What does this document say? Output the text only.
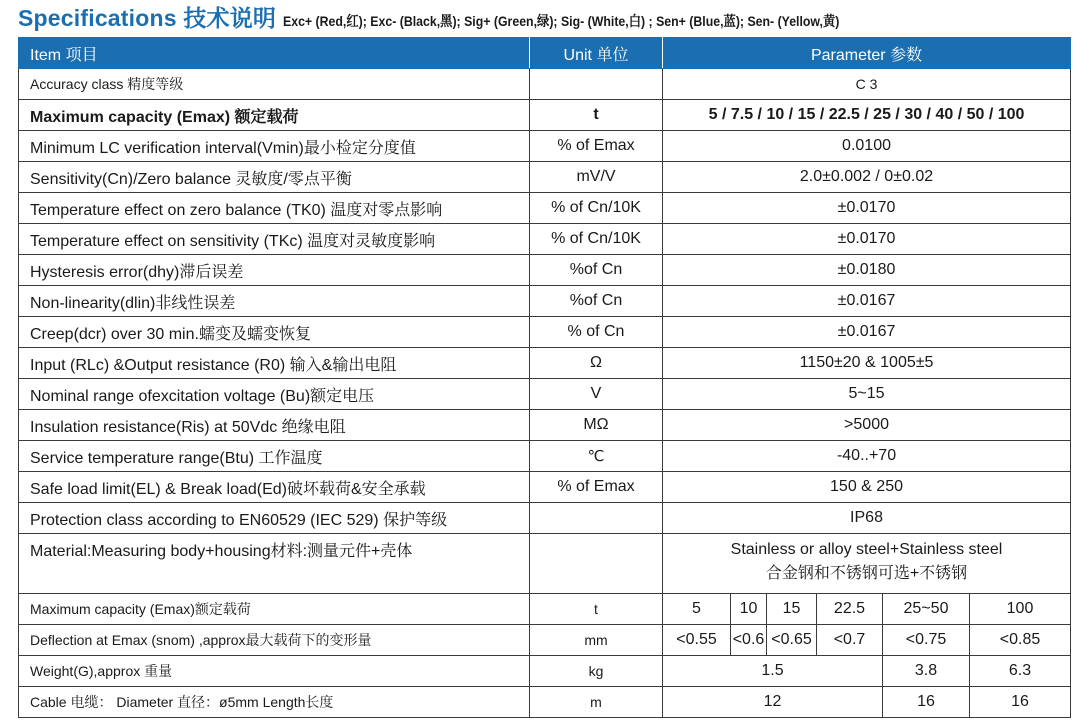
Specifications 技术说明 Exc+ (Red,红); Exc- (Black,黑); Sig+ (Green,绿); Sig- (White,白) ; Sen+ (Blue,蓝); Sen- (Yellow,黄)
Item 项目	Unit 单位	Parameter 参数					
Accuracy class 精度等级		C 3					
Maximum capacity (Emax) 额定载荷	t	5 / 7.5 / 10 / 15 / 22.5 / 25 / 30 / 40 / 50 / 100					
Minimum LC verification interval(Vmin)最小检定分度值	% of Emax	0.0100					
Sensitivity(Cn)/Zero balance 灵敏度/零点平衡	mV/V	2.0±0.002 / 0±0.02					
Temperature effect on zero balance (TK0) 温度对零点影响	% of Cn/10K	±0.0170					
Temperature effect on sensitivity (TKc) 温度对灵敏度影响	% of Cn/10K	±0.0170					
Hysteresis error(dhy)滞后误差	%of Cn	±0.0180					
Non-linearity(dlin)非线性误差	%of Cn	±0.0167					
Creep(dcr) over 30 min.蠕变及蠕变恢复	% of Cn	±0.0167					
Input (RLc) &Output resistance (R0) 输入&输出电阻	Ω	1150±20 & 1005±5					
Nominal range ofexcitation voltage (Bu)额定电压	V	5~15					
Insulation resistance(Ris) at 50Vdc 绝缘电阻	MΩ	>5000					
Service temperature range(Btu) 工作温度	℃	-40..+70					
Safe load limit(EL) & Break load(Ed)破坏载荷&安全承载	% of Emax	150 & 250					
Protection class according to EN60529 (IEC 529) 保护等级		IP68					
Material:Measuring body+housing材料:测量元件+壳体		Stainless or alloy steel+Stainless steel
合金钢和不锈钢可选+不锈钢					

Maximum capacity (Emax)额定载荷	t	5	10	15	22.5	25~50	100
Deflection at Emax (snom) ,approx最大载荷下的变形量	mm	<0.55	<0.6	<0.65	<0.7	<0.75	<0.85
Weight(G),approx 重量	kg	1.5				3.8	6.3
Cable 电缆： Diameter 直径：ø5mm Length长度	m	12				16	16
